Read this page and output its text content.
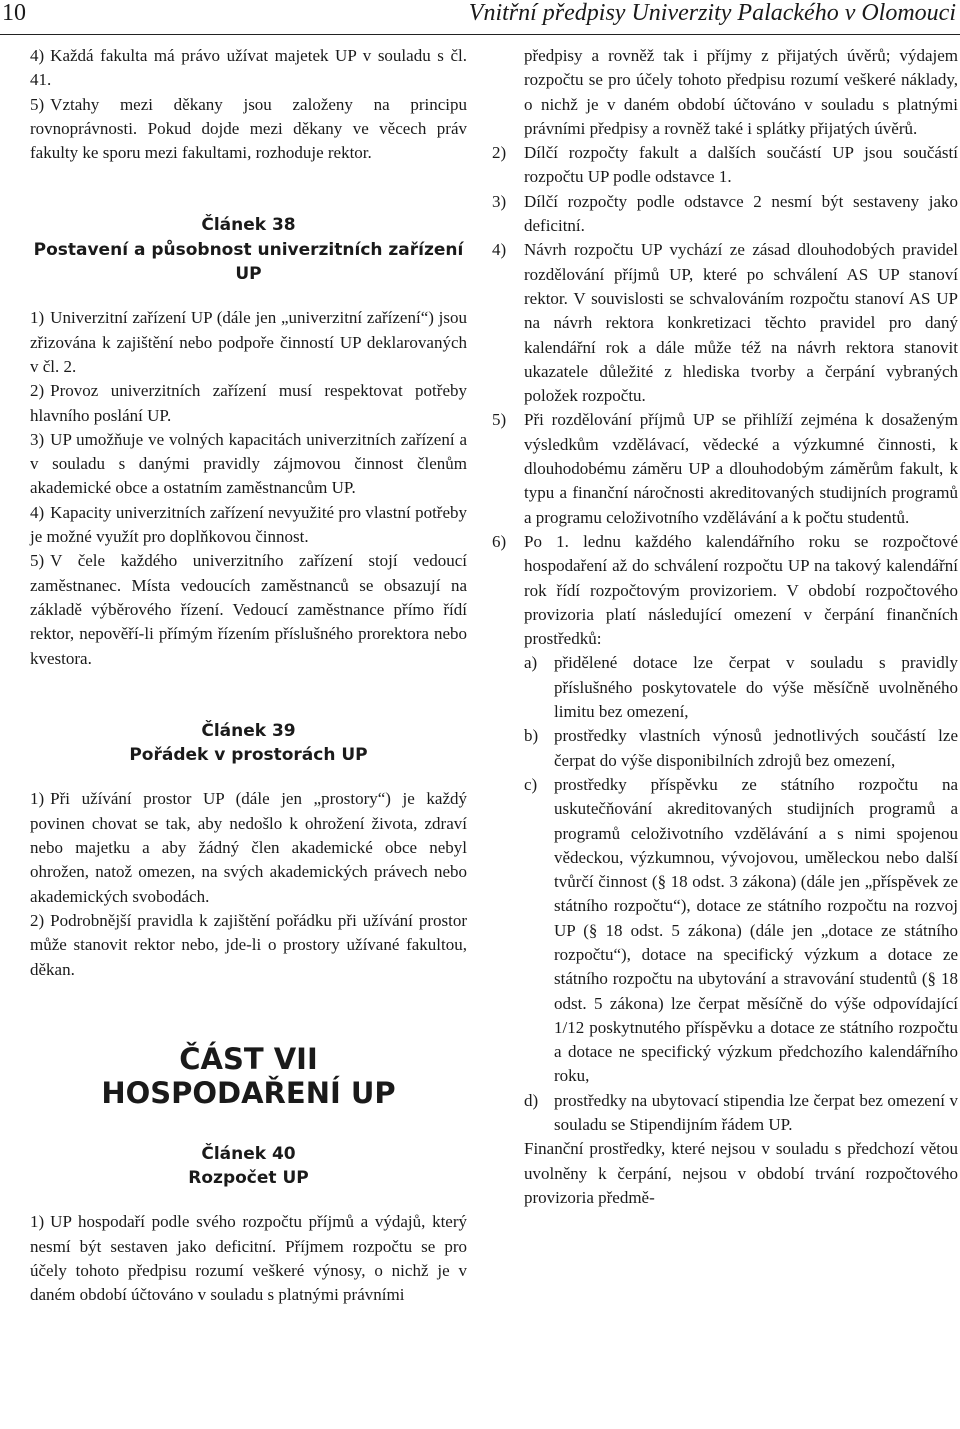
10	Vnitřní předpisy Univerzity Palackého v Olomouci
4) Každá fakulta má právo užívat majetek UP v souladu s čl. 41.
5) Vztahy mezi děkany jsou založeny na principu rovnoprávnosti. Pokud dojde mezi děkany ve věcech práv fakulty ke sporu mezi fakultami, rozhoduje rektor.
Článek 38
Postavení a působnost univerzitních zařízení UP
1) Univerzitní zařízení UP (dále jen „univerzitní zařízení“) jsou zřizována k zajištění nebo podpoře činností UP deklarovaných v čl. 2.
2) Provoz univerzitních zařízení musí respektovat potřeby hlavního poslání UP.
3) UP umožňuje ve volných kapacitách univerzitních zařízení a v souladu s danými pravidly zájmovou činnost členům akademické obce a ostatním zaměstnancům UP.
4) Kapacity univerzitních zařízení nevyužité pro vlastní potřeby je možné využít pro doplňkovou činnost.
5) V čele každého univerzitního zařízení stojí vedoucí zaměstnanec. Místa vedoucích zaměstnanců se obsazují na základě výběrového řízení. Vedoucí zaměstnance přímo řídí rektor, nepověří-li přímým řízením příslušného prorektora nebo kvestora.
Článek 39
Pořádek v prostorách UP
1) Při užívání prostor UP (dále jen „prostory“) je každý povinen chovat se tak, aby nedošlo k ohrožení života, zdraví nebo majetku a aby žádný člen akademické obce nebyl ohrožen, natož omezen, na svých akademických právech nebo akademických svobodách.
2) Podrobnější pravidla k zajištění pořádku při užívání prostor může stanovit rektor nebo, jde-li o prostory užívané fakultou, děkan.
ČÁST VII
HOSPODAŘENÍ UP
Článek 40
Rozpočet UP
1) UP hospodaří podle svého rozpočtu příjmů a výdajů, který nesmí být sestaven jako deficitní. Příjmem rozpočtu se pro účely tohoto předpisu rozumí veškeré výnosy, o nichž je v daném období účtováno v souladu s platnými právními

předpisy a rovněž tak i příjmy z přijatých úvěrů; výdajem rozpočtu se pro účely tohoto předpisu rozumí veškeré náklady, o nichž je v daném období účtováno v souladu s platnými právními předpisy a rovněž také i splátky přijatých úvěrů.

2) Dílčí rozpočty fakult a dalších součástí UP jsou součástí rozpočtu UP podle odstavce 1.
3) Dílčí rozpočty podle odstavce 2 nesmí být sestaveny jako deficitní.
4) Návrh rozpočtu UP vychází ze zásad dlouhodobých pravidel rozdělování příjmů UP, které po schválení AS UP stanoví rektor. V souvislosti se schvalováním rozpočtu stanoví AS UP na návrh rektora konkretizaci těchto pravidel pro daný kalendářní rok a dále může též na návrh rektora stanovit ukazatele důležité z hlediska tvorby a čerpání vybraných položek rozpočtu.
5) Při rozdělování příjmů UP se přihlíží zejména k dosaženým výsledkům vzdělávací, vědecké a výzkumné činnosti, k dlouhodobému záměru UP a dlouhodobým záměrům fakult, k typu a finanční náročnosti akreditovaných studijních programů a programu celoživotního vzdělávání a k počtu studentů.
6) Po 1. lednu každého kalendářního roku se rozpočtové hospodaření až do schválení rozpočtu UP na takový kalendářní rok řídí rozpočtovým provizoriem. V období rozpočtového provizoria platí následující omezení v čerpání finančních prostředků:

a) přidělené dotace lze čerpat v souladu s pravidly příslušného poskytovatele do výše měsíčně uvolněného limitu bez omezení,
b) prostředky vlastních výnosů jednotlivých součástí lze čerpat do výše disponibilních zdrojů bez omezení,
c) prostředky příspěvku ze státního rozpočtu na uskutečňování akreditovaných studijních programů a programů celoživotního vzdělávání a s nimi spojenou vědeckou, výzkumnou, vývojovou, uměleckou nebo další tvůrčí činnost (§ 18 odst. 3 zákona) (dále jen „příspěvek ze státního rozpočtu“), dotace ze státního rozpočtu na rozvoj UP (§ 18 odst. 5 zákona) (dále jen „dotace ze státního rozpočtu“), dotace na specifický výzkum a dotace ze státního rozpočtu na ubytování a stravování studentů (§ 18 odst. 5 zákona) lze čerpat měsíčně do výše odpovídající 1/12 poskytnutého příspěvku a dotace ze státního rozpočtu a dotace ne specifický výzkum předchozího kalendářního roku,
d) prostředky na ubytovací stipendia lze čerpat bez omezení v souladu se Stipendijním řádem UP.

Finanční prostředky, které nejsou v souladu s předchozí větou uvolněny k čerpání, nejsou v období trvání rozpočtového provizoria předmě-
